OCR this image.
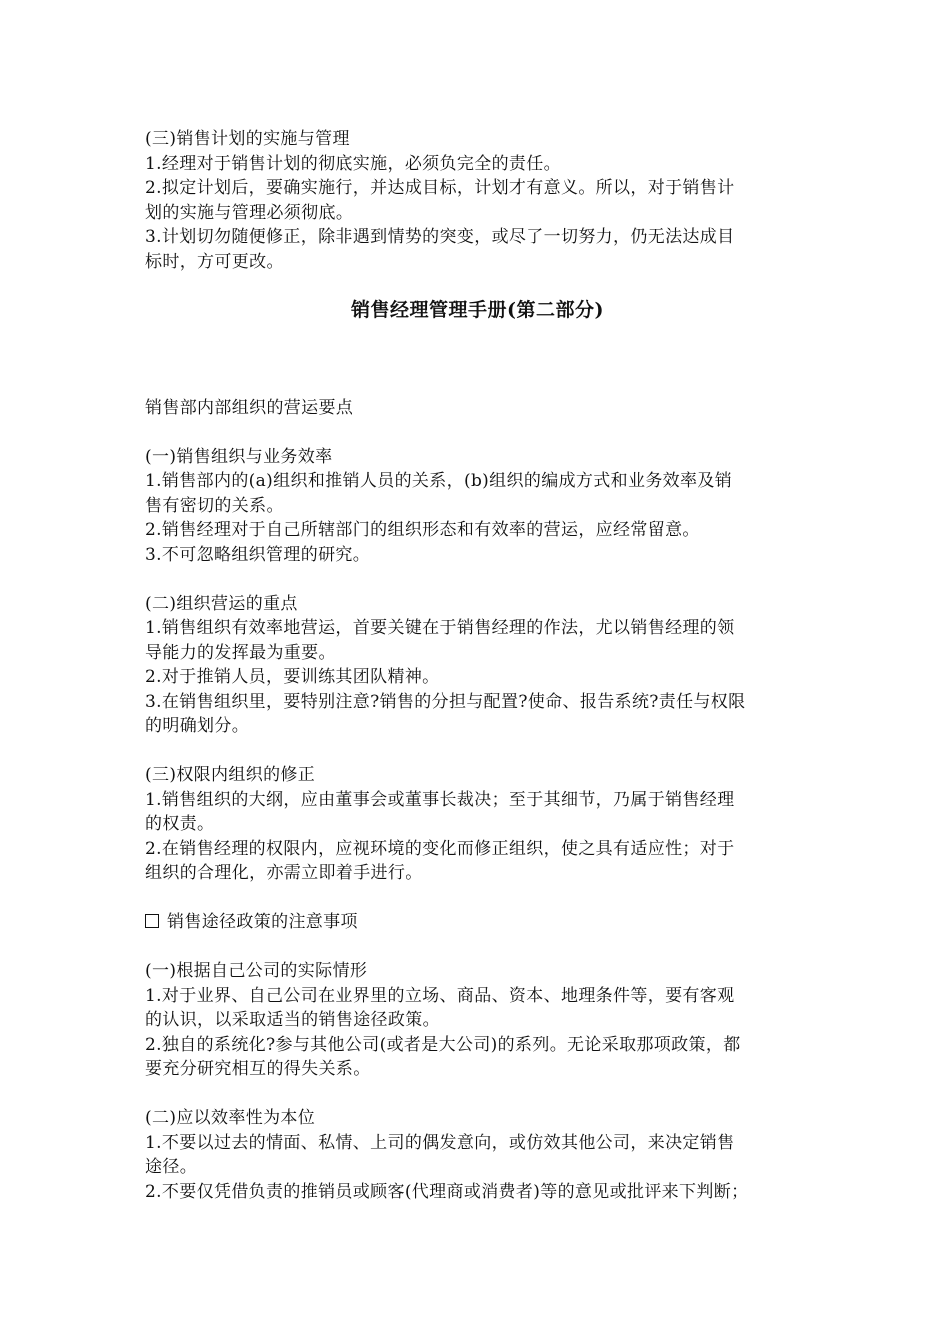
(三)销售计划的实施与管理
1.经理对于销售计划的彻底实施，必须负完全的责任。
2.拟定计划后，要确实施行，并达成目标，计划才有意义。所以，对于销售计
划的实施与管理必须彻底。
3.计划切勿随便修正，除非遇到情势的突变，或尽了一切努力，仍无法达成目
标时，方可更改。
销售经理管理手册(第二部分)
销售部内部组织的营运要点
(一)销售组织与业务效率
1.销售部内的(a)组织和推销人员的关系，(b)组织的编成方式和业务效率及销
售有密切的关系。
2.销售经理对于自己所辖部门的组织形态和有效率的营运，应经常留意。
3.不可忽略组织管理的研究。
(二)组织营运的重点
1.销售组织有效率地营运，首要关键在于销售经理的作法，尤以销售经理的领
导能力的发挥最为重要。
2.对于推销人员，要训练其团队精神。
3.在销售组织里，要特别注意?销售的分担与配置?使命、报告系统?责任与权限
的明确划分。
(三)权限内组织的修正
1.销售组织的大纲，应由董事会或董事长裁决；至于其细节，乃属于销售经理
的权责。
2.在销售经理的权限内，应视环境的变化而修正组织，使之具有适应性；对于
组织的合理化，亦需立即着手进行。
销售途径政策的注意事项
(一)根据自己公司的实际情形
1.对于业界、自己公司在业界里的立场、商品、资本、地理条件等，要有客观
的认识，以采取适当的销售途径政策。
2.独自的系统化?参与其他公司(或者是大公司)的系列。无论采取那项政策，都
要充分研究相互的得失关系。
(二)应以效率性为本位
1.不要以过去的情面、私情、上司的偶发意向，或仿效其他公司，来决定销售
途径。
2.不要仅凭借负责的推销员或顾客(代理商或消费者)等的意见或批评来下判断；
